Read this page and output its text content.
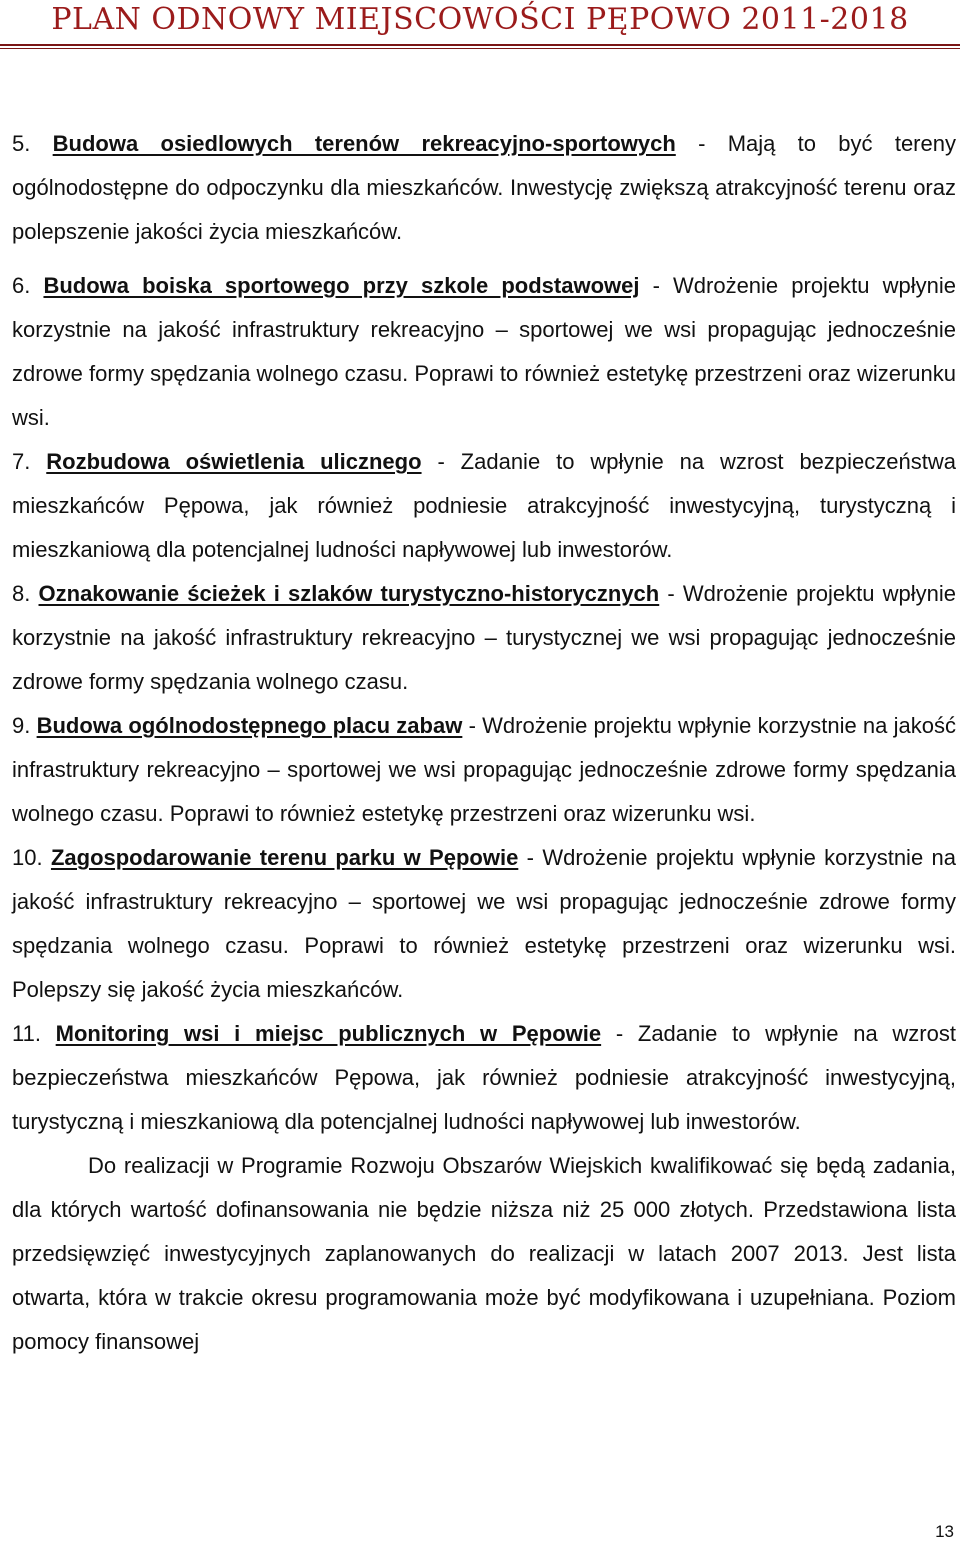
PLAN ODNOWY MIEJSCOWOŚCI PĘPOWO 2011-2018

5. Budowa osiedlowych terenów rekreacyjno-sportowych - Mają to być tereny ogólnodostępne do odpoczynku dla mieszkańców. Inwestycję zwiększą atrakcyjność terenu oraz polepszenie jakości życia mieszkańców.

6. Budowa boiska sportowego przy szkole podstawowej - Wdrożenie projektu wpłynie korzystnie na jakość infrastruktury rekreacyjno – sportowej we wsi propagując jednocześnie zdrowe formy spędzania wolnego czasu. Poprawi to również estetykę przestrzeni oraz wizerunku wsi.

7. Rozbudowa oświetlenia ulicznego - Zadanie to wpłynie na wzrost bezpieczeństwa mieszkańców Pępowa, jak również podniesie atrakcyjność inwestycyjną, turystyczną i mieszkaniową dla potencjalnej ludności napływowej lub inwestorów.

8. Oznakowanie ścieżek i szlaków turystyczno-historycznych - Wdrożenie projektu wpłynie korzystnie na jakość infrastruktury rekreacyjno – turystycznej we wsi propagując jednocześnie zdrowe formy spędzania wolnego czasu.

9. Budowa ogólnodostępnego placu zabaw - Wdrożenie projektu wpłynie korzystnie na jakość infrastruktury rekreacyjno – sportowej we wsi propagując jednocześnie zdrowe formy spędzania wolnego czasu. Poprawi to również estetykę przestrzeni oraz wizerunku wsi.

10. Zagospodarowanie terenu parku w Pępowie - Wdrożenie projektu wpłynie korzystnie na jakość infrastruktury rekreacyjno – sportowej we wsi propagując jednocześnie zdrowe formy spędzania wolnego czasu. Poprawi to również estetykę przestrzeni oraz wizerunku wsi. Polepszy się jakość życia mieszkańców.

11. Monitoring wsi i miejsc publicznych w Pępowie - Zadanie to wpłynie na wzrost bezpieczeństwa mieszkańców Pępowa, jak również podniesie atrakcyjność inwestycyjną, turystyczną i mieszkaniową dla potencjalnej ludności napływowej lub inwestorów.

Do realizacji w Programie Rozwoju Obszarów Wiejskich kwalifikować się będą zadania, dla których wartość dofinansowania nie będzie niższa niż 25 000 złotych. Przedstawiona lista przedsięwzięć inwestycyjnych zaplanowanych do realizacji w latach 2007 2013. Jest lista otwarta, która w trakcie okresu programowania może być modyfikowana i uzupełniana. Poziom pomocy finansowej

13
